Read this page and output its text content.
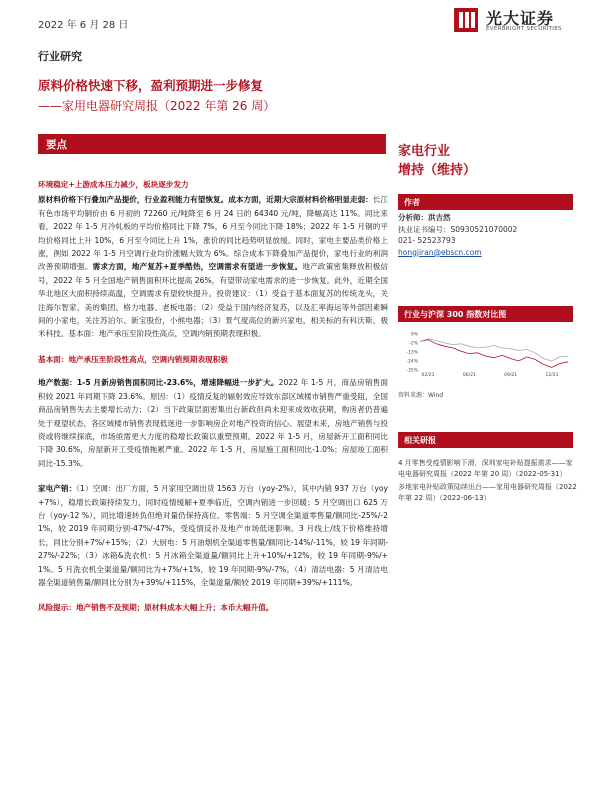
2022 年 6 月 28 日	光大证券
EVERBRIGHT SECURITIES
行业研究
原料价格快速下移，盈利预期进一步修复
——家用电器研究周报（2022 年第 26 周）
要点
环境稳定+上游成本压力减少，板块逐步发力
原材料价格下行叠加产品提价，行业盈利能力有望恢复。成本方面，近期大宗原材料价格明显走弱：长江有色市场平均铜价由 6 月初的 72260 元/吨降至 6 月 24 日的 64340 元/吨，降幅高达 11%。同比来看，2022 年 1-5 月冷轧板的平均价格同比下降 7%，6 月至今同比下降 18%；2022 年 1-5 月铜的平均价格同比上升 10%，6 月至今同比上升 1%，涨价的同比趋势明显放缓。同时，家电主要品类价格上涨，例如 2022 年 1-5 月空调行业均价涨幅大致为 6%。综合成本下降叠加产品提价，家电行业的利润改善预期增强。需求方面，地产复苏+夏季酷热，空调需求有望进一步恢复。地产政策密集释放积极信号，2022 年 5 月全国地产销售面积环比提高 26%，有望带动家电需求的进一步恢复。此外，近期全国华北地区大面积持续高温，空调需求有望较快提升。投资建议：（1）受益于基本面复苏的传统龙头，关注海尔智家、美的集团、格力电器、老板电器；（2）受益于国内经济复苏，以及汇率海运等外部因素瞬间的小家电，关注苏泊尔、新宝股份，小熊电器；（3）景气度高位的新兴家电，相关标的有科沃斯、极米科技。基本面：地产承压至阶段性高点，空调内销预期表现积极。
基本面：地产承压至阶段性高点，空调内销预期表现积极
地产数据：1-5 月新房销售面积同比-23.6%，增速降幅进一步扩大。2022 年 1-5 月，商品房销售面积较 2021 年同期下降 23.6%。原因：（1）疫情反复的辐射效应导致东部区域楼市销售严重受阻，全国商品房销售失去主要增长动力；（2）当下政策层面密集出台新政但尚未迎来成效收获期，购房者仍普遍处于观望状态，各区域楼市销售表现低迷进一步影响房企对地产投资的信心。展望未来，房地产销售与投资或将继续探底，市场亟需更大力度的稳增长政策以重塑预期。2022 年 1-5 月，房屋新开工面积同比下降 30.6%，房屋新开工受疫情拖累严重。2022 年 1-5 月，房屋施工面积同比-1.0%；房屋竣工面积同比-15.3%。
家电产销：（1）空调：出厂方面，5 月家用空调出货 1563 万台（yoy-2%），其中内销 937 万台（yoy+7%），稳增长政策持续发力，同时疫情缓解+夏季临近，空调内销进一步回暖；5 月空调出口 625 万台（yoy-12 %），同比增速转负但绝对量仍保持高位。零售端：5 月空调全渠道零售量/额同比-25%/-21%，较 2019 年同期分别-47%/-47%，受疫情反扑及地产市场低迷影响。3 月线上/线下价格维持增长，同比分别+7%/+15%；（2）大厨电：5 月油烟机全渠道零售量/额同比-14%/-11%，较 19 年同期-27%/-22%；（3）冰箱&洗衣机：5 月冰箱全渠道量/额同比上升+10%/+12%，较 19 年同期-9%/+1%。5 月洗衣机全渠道量/额同比为+7%/+1%，较 19 年同期-9%/-7%。（4）清洁电器：5 月清洁电器全渠道销售量/额同比分别为+39%/+115%，全渠道量/额较 2019 年同期+39%/+111%。
风险提示：地产销售不及预期；原材料成本大幅上升；本币大幅升值。
家电行业
增持（维持）
作者
分析师：洪吉然
执业证书编号：S0930521070002
021- 52523793
hongjiran@ebscn.com
行业与沪深 300 指数对比图
9%
-2%
-13%
-24%
-35%
02/21	06/21	09/21	12/21
资料来源：Wind
相关研报
4 月零售受疫情影响下滑，深圳家电补贴提振需求——家电电器研究周报（2022 年第 20 周）（2022-05-31）
多地家电补贴政策陆续出台——家用电器研究周报（2022 年第 22 周）（2022-06-13）
